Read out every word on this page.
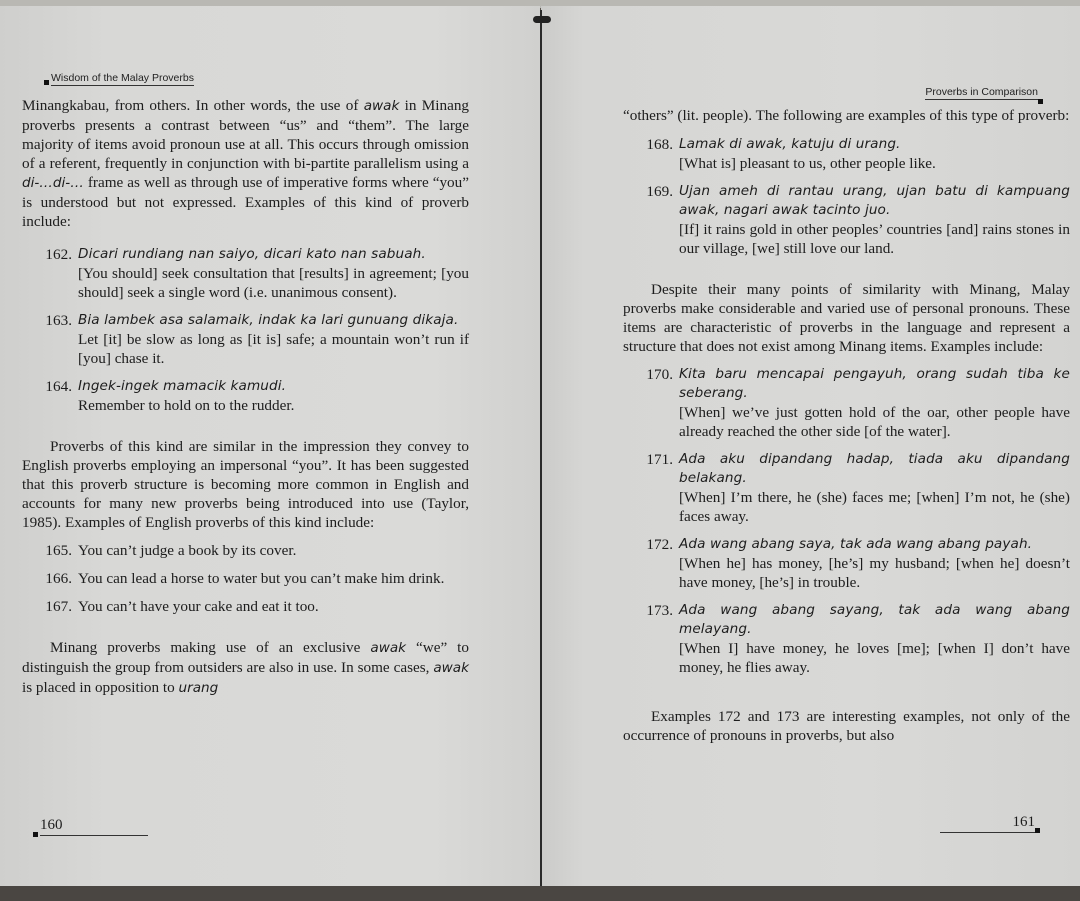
Wisdom of the Malay Proverbs

Minangkabau, from others. In other words, the use of awak in Minang proverbs presents a contrast between “us” and “them”. The large majority of items avoid pronoun use at all. This occurs through omission of a referent, frequently in conjunction with bi-partite parallelism using a di-…di-… frame as well as through use of imperative forms where “you” is understood but not expressed. Examples of this kind of proverb include:

162. Dicari rundiang nan saiyo, dicari kato nan sabuah.
[You should] seek consultation that [results] in agreement; [you should] seek a single word (i.e. unanimous consent).
163. Bia lambek asa salamaik, indak ka lari gunuang dikaja.
Let [it] be slow as long as [it is] safe; a mountain won’t run if [you] chase it.
164. Ingek-ingek mamacik kamudi.
Remember to hold on to the rudder.

Proverbs of this kind are similar in the impression they convey to English proverbs employing an impersonal “you”. It has been suggested that this proverb structure is becoming more common in English and accounts for many new proverbs being introduced into use (Taylor, 1985). Examples of English proverbs of this kind include:

165. You can’t judge a book by its cover.
166. You can lead a horse to water but you can’t make him drink.
167. You can’t have your cake and eat it too.

Minang proverbs making use of an exclusive awak “we” to distinguish the group from outsiders are also in use. In some cases, awak is placed in opposition to urang

160
Proverbs in Comparison

“others” (lit. people). The following are examples of this type of proverb:

168. Lamak di awak, katuju di urang.
[What is] pleasant to us, other people like.
169. Ujan ameh di rantau urang, ujan batu di kampuang awak, nagari awak tacinto juo.
[If] it rains gold in other peoples’ countries [and] rains stones in our village, [we] still love our land.

Despite their many points of similarity with Minang, Malay proverbs make considerable and varied use of personal pronouns. These items are characteristic of proverbs in the language and represent a structure that does not exist among Minang items. Examples include:

170. Kita baru mencapai pengayuh, orang sudah tiba ke seberang.
[When] we’ve just gotten hold of the oar, other people have already reached the other side [of the water].
171. Ada aku dipandang hadap, tiada aku dipandang belakang.
[When] I’m there, he (she) faces me; [when] I’m not, he (she) faces away.
172. Ada wang abang saya, tak ada wang abang payah.
[When he] has money, [he’s] my husband; [when he] doesn’t have money, [he’s] in trouble.
173. Ada wang abang sayang, tak ada wang abang melayang.
[When I] have money, he loves [me]; [when I] don’t have money, he flies away.

Examples 172 and 173 are interesting examples, not only of the occurrence of pronouns in proverbs, but also

161
